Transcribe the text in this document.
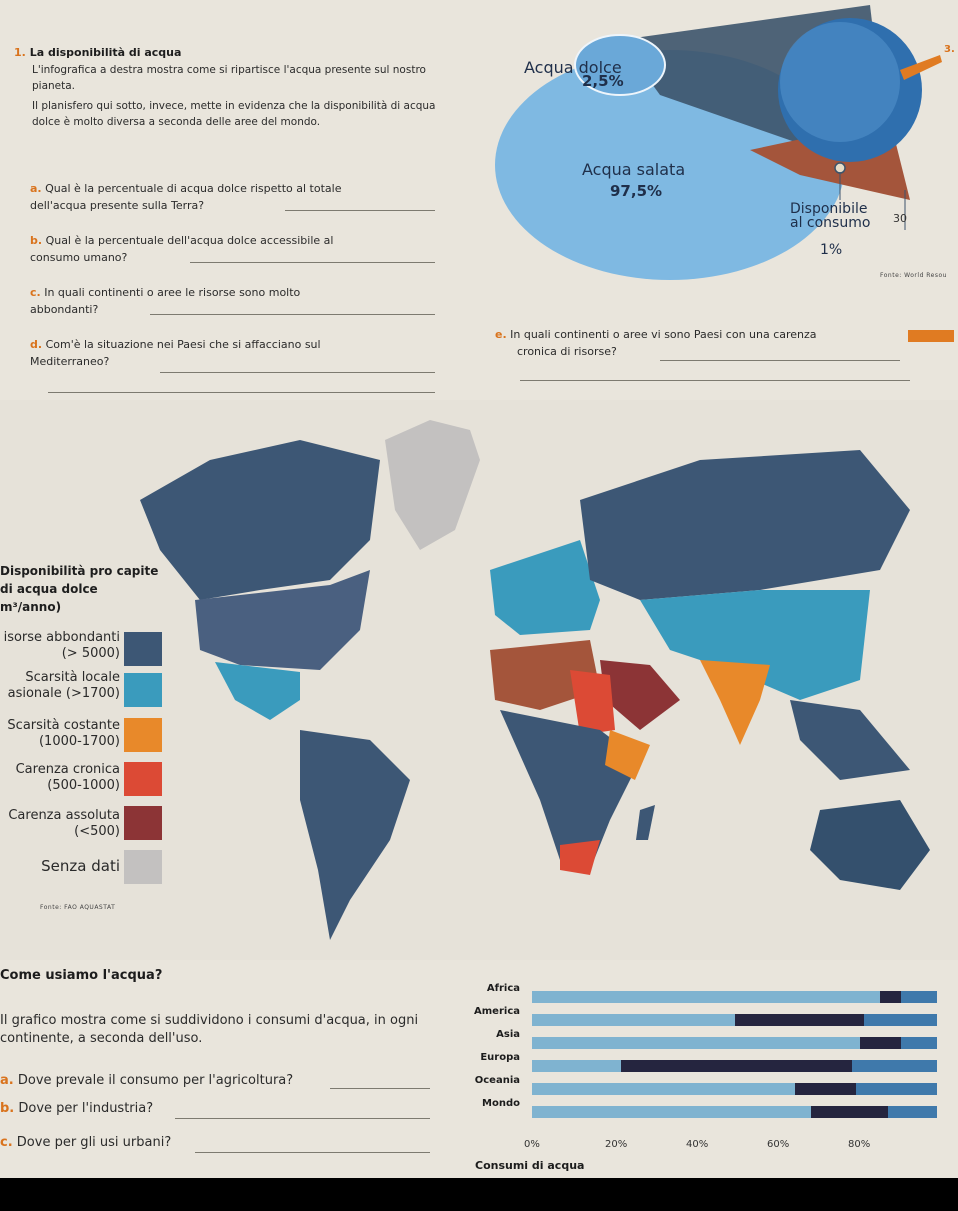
1. La disponibilità di acqua
L'infografica a destra mostra come si ripartisce l'acqua presente sul nostro pianeta.
Il planisfero qui sotto, invece, mette in evidenza che la disponibilità di acqua dolce è molto diversa a seconda delle aree del mondo.
a. Qual è la percentuale di acqua dolce rispetto al totale
dell'acqua presente sulla Terra?
b. Qual è la percentuale dell'acqua dolce accessibile al
consumo umano?
c. In quali continenti o aree le risorse sono molto
abbondanti?
d. Com'è la situazione nei Paesi che si affacciano sul
Mediterraneo?
e. In quali continenti o aree vi sono Paesi con una carenza
cronica di risorse?
Acqua dolce
2,5%
Acqua salata
97,5%
Disponibile
al consumo
1%
30
Fonte: World Resou
3.
Disponibilità pro capite
di acqua dolce
m³/anno)
isorse abbondanti
(> 5000)
Scarsità locale
asionale (>1700)
Scarsità costante
(1000-1700)
Carenza cronica
(500-1000)
Carenza assoluta
(<500)
Senza dati
Fonte: FAO AQUASTAT
Come usiamo l'acqua?
Il grafico mostra come si suddividono i consumi d'acqua, in ogni continente, a seconda dell'uso.
a. Dove prevale il consumo per l'agricoltura?
b. Dove per l'industria?
c. Dove per gli usi urbani?
Africa
America
Asia
Europa
Oceania
Mondo
0%	20%	40%	60%	80%
Consumi di acqua
